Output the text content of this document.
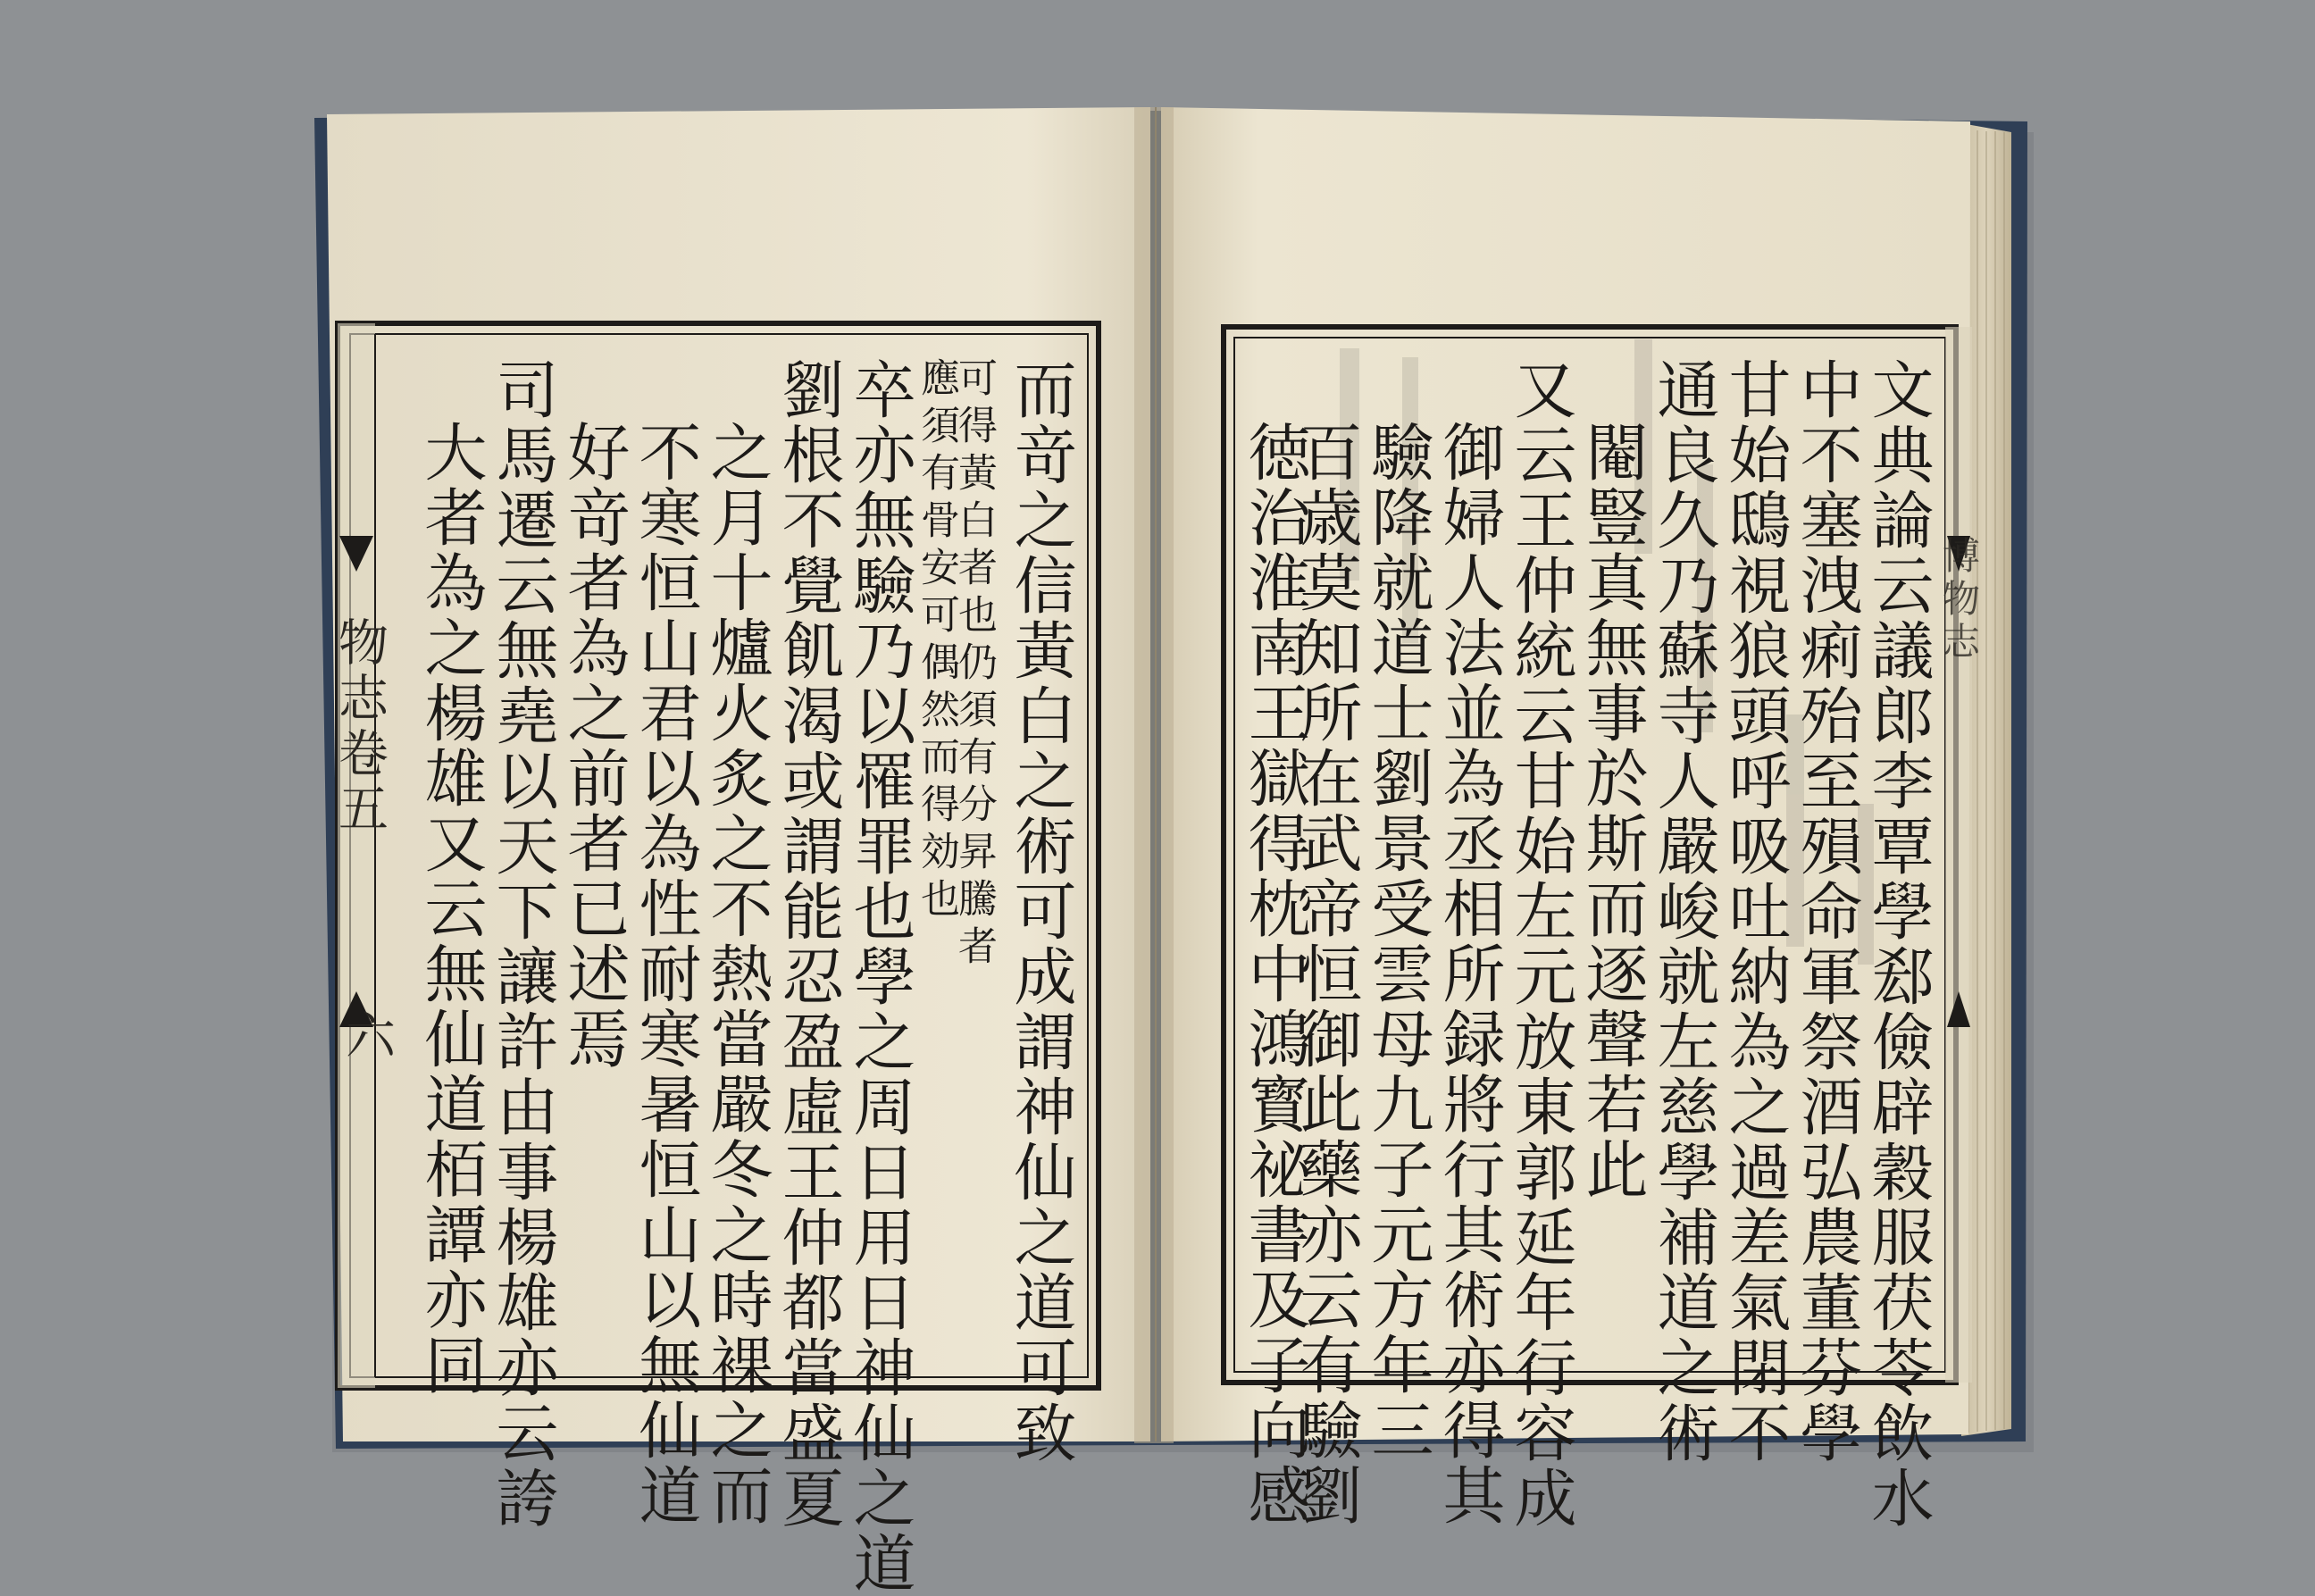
物志卷五
六	而竒之信黃白之術可成謂神仙之道可致
可得黃白者也仍須有分昇騰者
應須有骨安可偶然而得効也
卒亦無驗乃以罹罪也學之周日用日神仙之道
劉根不覺飢渴或謂能忍盈虛王仲都當盛夏
之月十爐火炙之不熱當嚴冬之時裸之而
不寒恒山君以為性耐寒暑恒山以無仙道
好竒者為之前者已述焉
司馬遷云無堯以天下讓許由事楊雄亦云誇
大者為之楊雄又云無仙道栢譚亦同	博物志
文典論云議郎李覃學郄儉辟穀服茯苓飲水
中不塞洩痢殆至殞命軍祭酒弘農董芬學
甘始鴟視狼頭呼吸吐納為之過差氣閉不
通良久乃蘇寺人嚴峻就左慈學補道之術
閹豎真無事於斯而逐聲若此
又云王仲統云甘始左元放東郭延年行容成
御婦人法並為丞相所録將行其術亦得其
驗降就道士劉景受雲母九子元方年三
百歳莫知所在武帝恒御此藥亦云有驗劉
徳治淮南王獄得枕中鴻寳祕書及子向感
